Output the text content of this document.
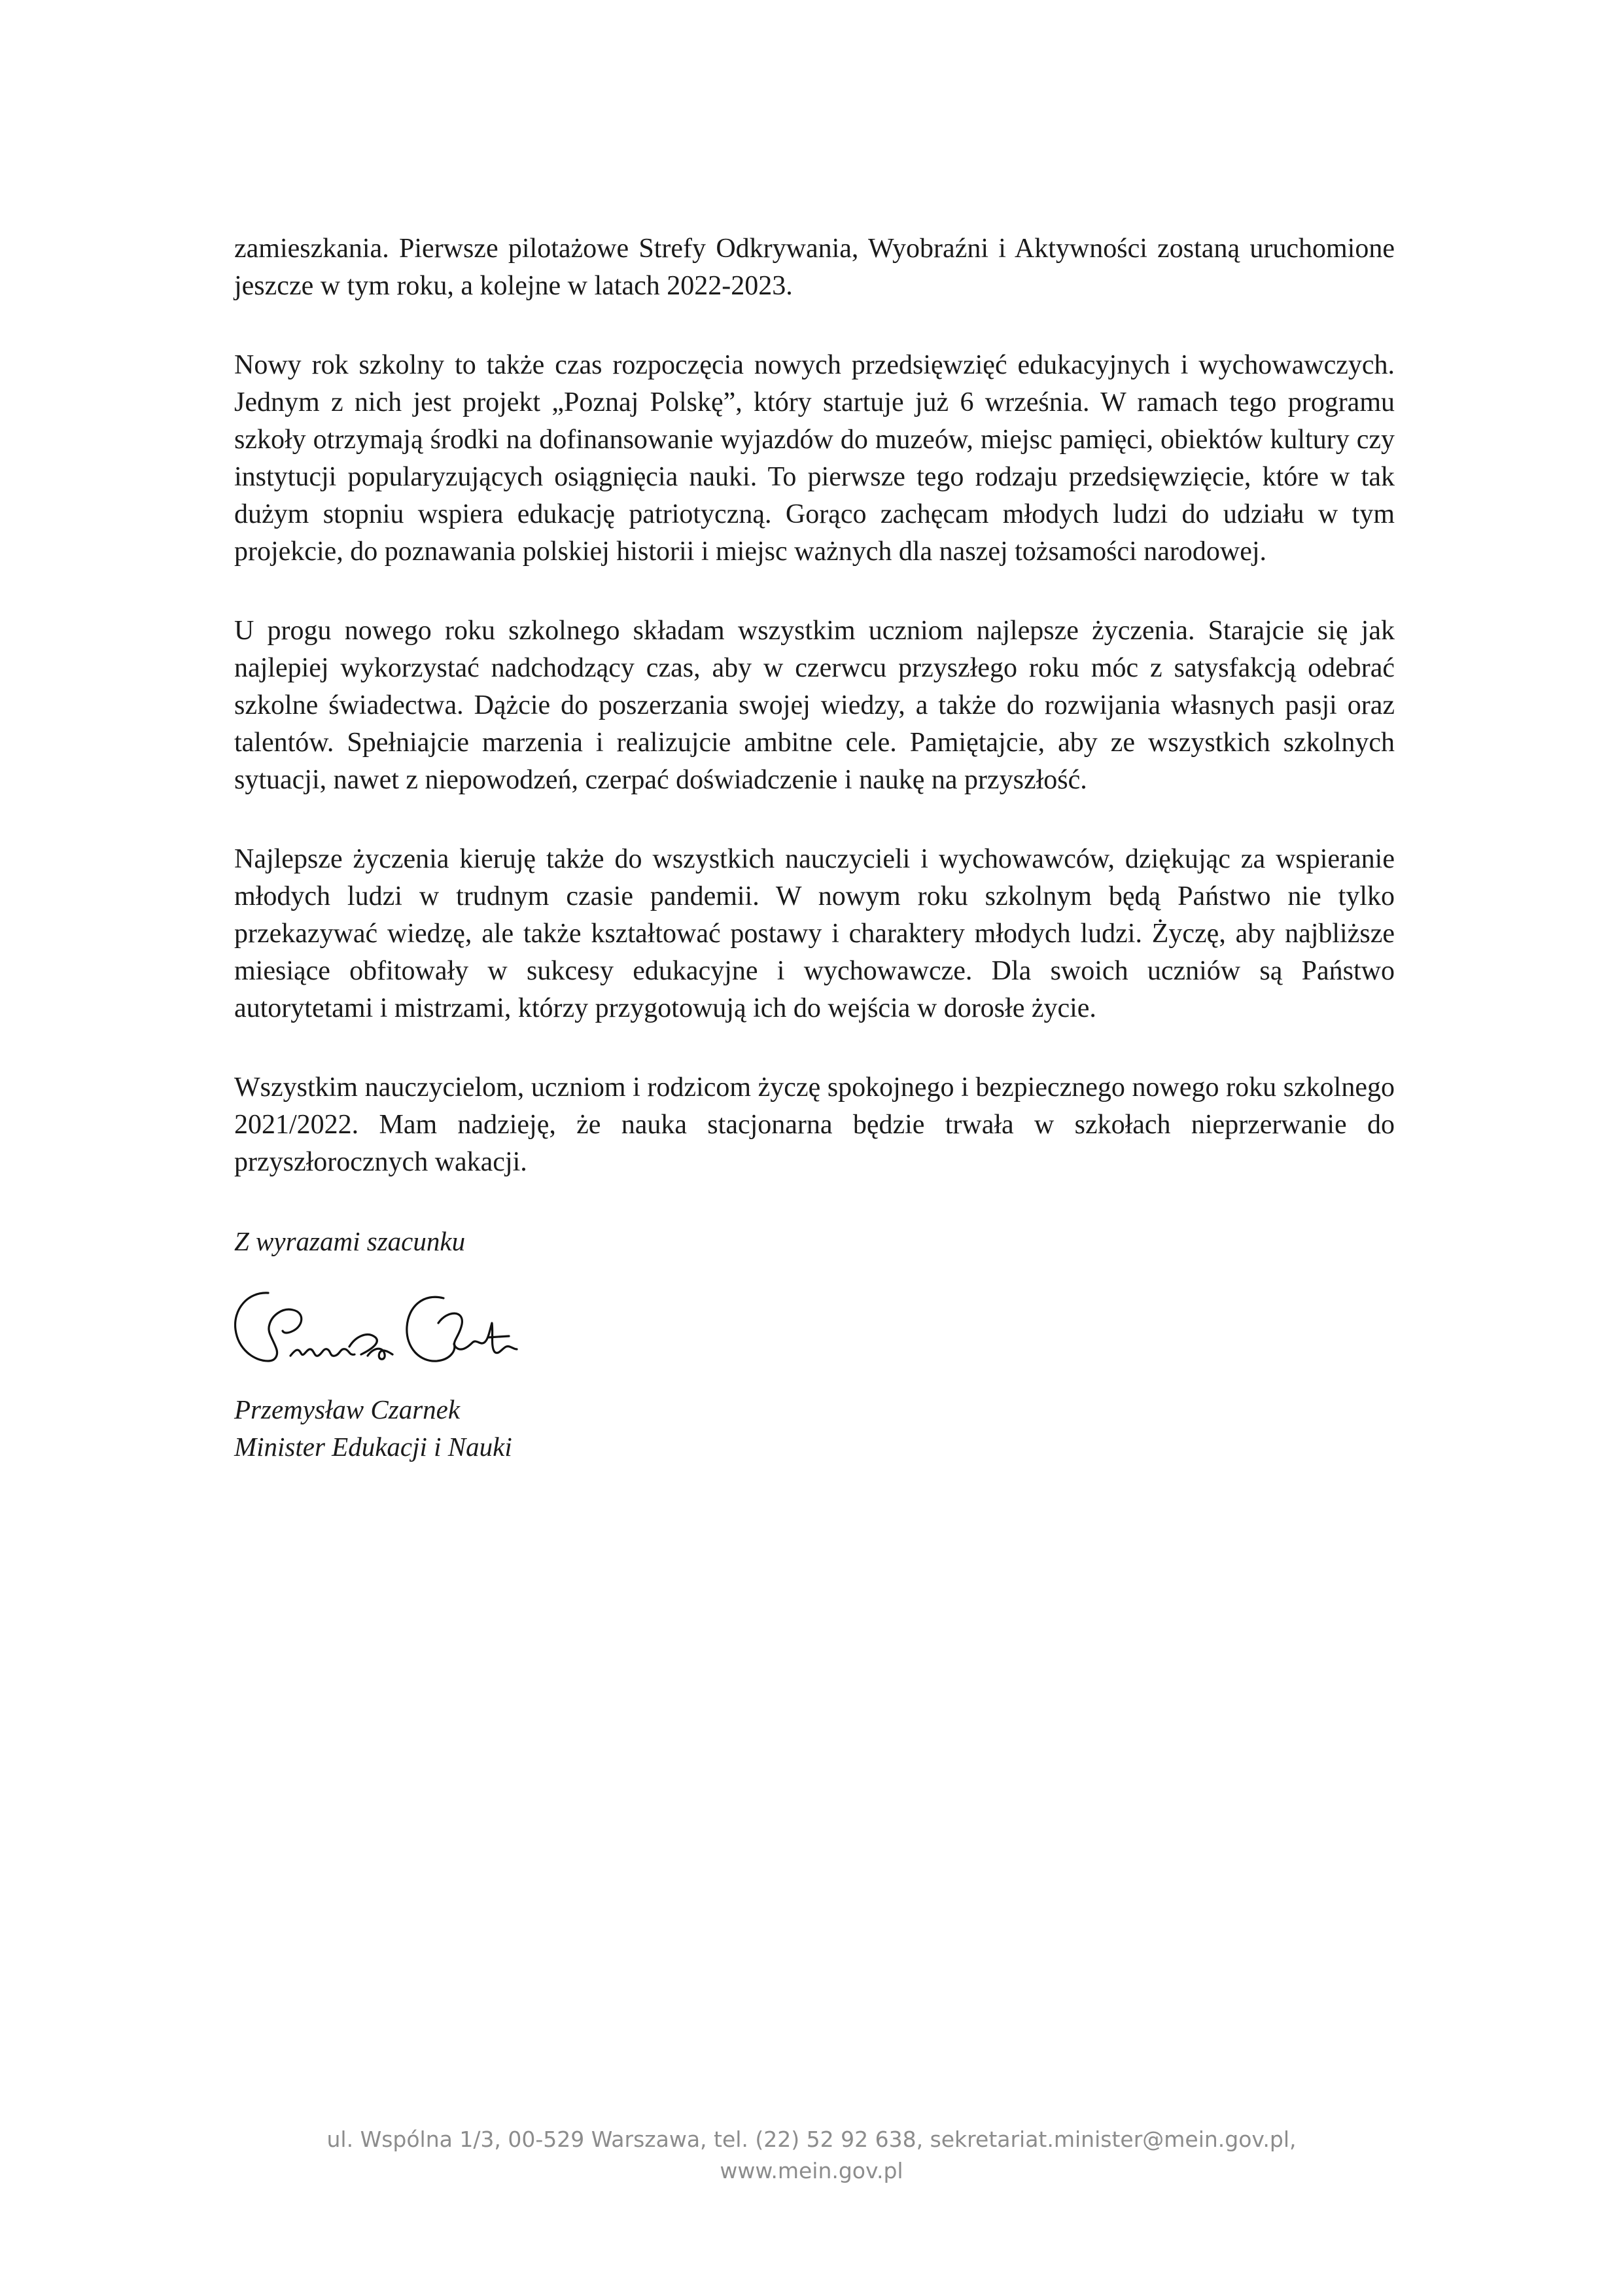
zamieszkania. Pierwsze pilotażowe Strefy Odkrywania, Wyobraźni i Aktywności zostaną uruchomione jeszcze w tym roku, a kolejne w latach 2022-2023.

Nowy rok szkolny to także czas rozpoczęcia nowych przedsięwzięć edukacyjnych i wychowawczych. Jednym z nich jest projekt „Poznaj Polskę”, który startuje już 6 września. W ramach tego programu szkoły otrzymają środki na dofinansowanie wyjazdów do muzeów, miejsc pamięci, obiektów kultury czy instytucji popularyzujących osiągnięcia nauki. To pierwsze tego rodzaju przedsięwzięcie, które w tak dużym stopniu wspiera edukację patriotyczną. Gorąco zachęcam młodych ludzi do udziału w tym projekcie, do poznawania polskiej historii i miejsc ważnych dla naszej tożsamości narodowej.

U progu nowego roku szkolnego składam wszystkim uczniom najlepsze życzenia. Starajcie się jak najlepiej wykorzystać nadchodzący czas, aby w czerwcu przyszłego roku móc z satysfakcją odebrać szkolne świadectwa. Dążcie do poszerzania swojej wiedzy, a także do rozwijania własnych pasji oraz talentów. Spełniajcie marzenia i realizujcie ambitne cele. Pamiętajcie, aby ze wszystkich szkolnych sytuacji, nawet z niepowodzeń, czerpać doświadczenie i naukę na przyszłość.

Najlepsze życzenia kieruję także do wszystkich nauczycieli i wychowawców, dziękując za wspieranie młodych ludzi w trudnym czasie pandemii. W nowym roku szkolnym będą Państwo nie tylko przekazywać wiedzę, ale także kształtować postawy i charaktery młodych ludzi. Życzę, aby najbliższe miesiące obfitowały w sukcesy edukacyjne i wychowawcze. Dla swoich uczniów są Państwo autorytetami i mistrzami, którzy przygotowują ich do wejścia w dorosłe życie.

Wszystkim nauczycielom, uczniom i rodzicom życzę spokojnego i bezpiecznego nowego roku szkolnego 2021/2022. Mam nadzieję, że nauka stacjonarna będzie trwała w szkołach nieprzerwanie do przyszłorocznych wakacji.

Z wyrazami szacunku

Przemysław Czarnek
Minister Edukacji i Nauki
ul. Wspólna 1/3, 00-529 Warszawa, tel. (22) 52 92 638, sekretariat.minister@mein.gov.pl,
www.mein.gov.pl
